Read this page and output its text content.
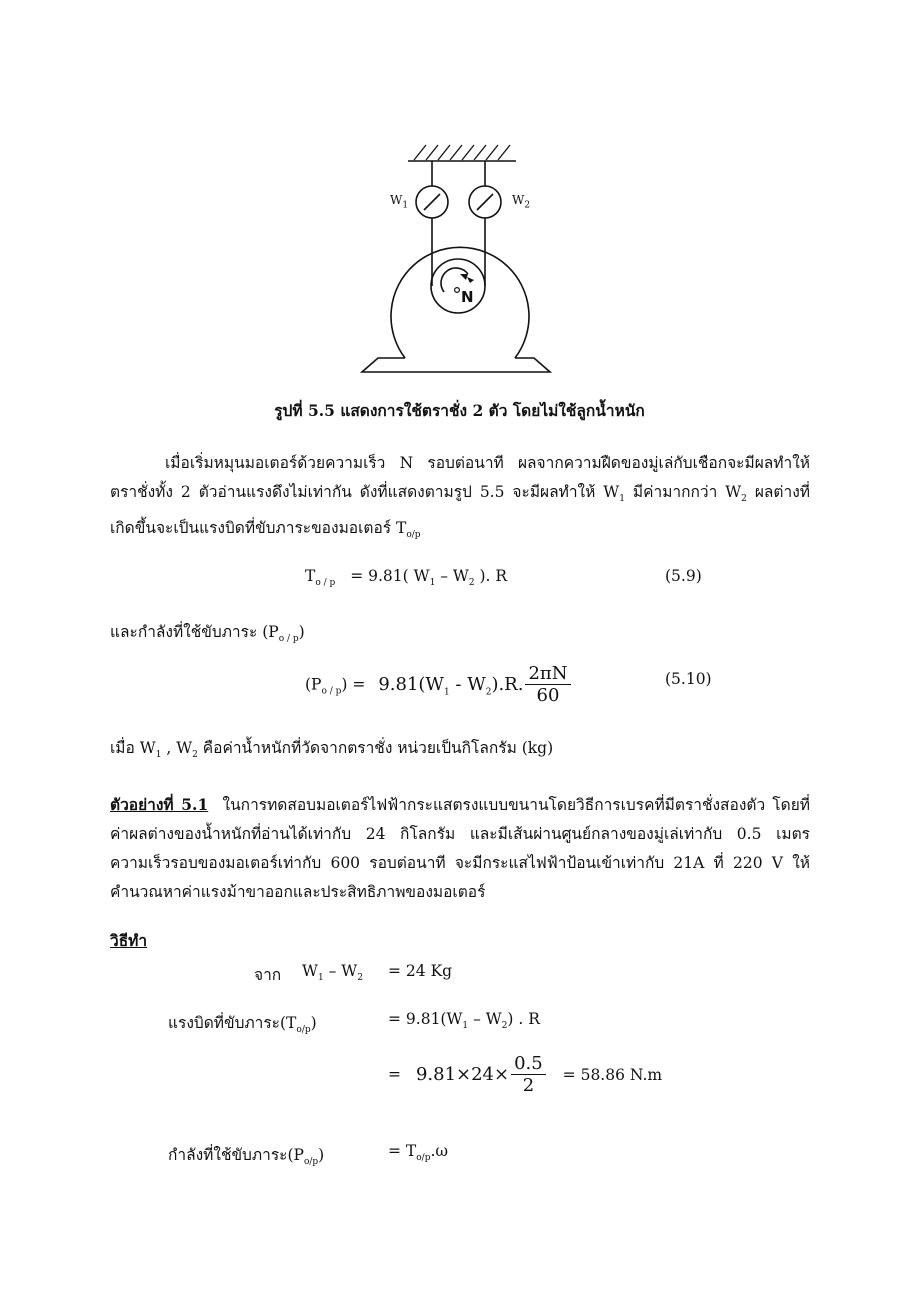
$W_1$	$W_2$
N
รูปที่ 5.5 แสดงการใช้ตราชั่ง 2 ตัว โดยไม่ใช้ลูกน้ำหนัก
เมื่อเริ่มหมุนมอเตอร์ด้วยความเร็ว N รอบต่อนาที ผลจากความฝืดของมู่เล่กับเชือกจะมีผลทำให้
ตราชั่งทั้ง 2 ตัวอ่านแรงดึงไม่เท่ากัน ดังที่แสดงตามรูป 5.5 จะมีผลทำให้ $W_1$ มีค่ามากกว่า $W_2$ ผลต่างที่
เกิดขึ้นจะเป็นแรงบิดที่ขับภาระของมอเตอร์ $T_{o/p}$
$T_{o / p} = 9.81$( $W_1 - W_2$ ). R	(5.9)
และกำลังที่ใช้ขับภาระ $(P_{o / p})$
$(P_{o / p}) = 9.81(W_1 - W_2).R$. $\frac{2\pi N}{60}$	(5.10)
เมื่อ $W_1$ , $W_2$ คือค่าน้ำหนักที่วัดจากตราชั่ง หน่วยเป็นกิโลกรัม (kg)
ตัวอย่างที่ 5.1 ในการทดสอบมอเตอร์ไฟฟ้ากระแสตรงแบบขนานโดยวิธีการเบรคที่มีตราชั่งสองตัว โดยที่
ค่าผลต่างของน้ำหนักที่อ่านได้เท่ากับ 24 กิโลกรัม และมีเส้นผ่านศูนย์กลางของมู่เล่เท่ากับ 0.5 เมตร
ความเร็วรอบของมอเตอร์เท่ากับ 600 รอบต่อนาที จะมีกระแสไฟฟ้าป้อนเข้าเท่ากับ 21A ที่ 220 V ให้
คำนวณหาค่าแรงม้าขาออกและประสิทธิภาพของมอเตอร์
วิธีทำ
จาก $W_1 - W_2 = 24$ Kg
แรงบิดที่ขับภาระ$(T_{o/p})$	= $9.81(W_1 - W_2)$ . R
= $9.81\times 24\times \frac{0.5}{2} = 58.86$ N.m
กำลังที่ใช้ขับภาระ$(P_{o/p})$	= $T_{o/p}.\omega$
